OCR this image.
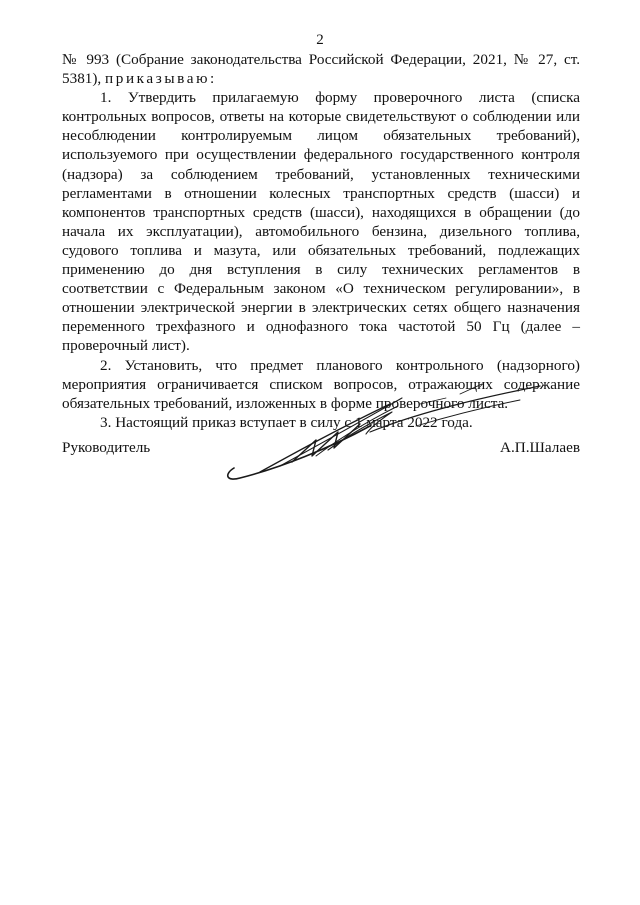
2

№ 993 (Собрание законодательства Российской Федерации, 2021, № 27, ст. 5381), приказываю:

1. Утвердить прилагаемую форму проверочного листа (списка контрольных вопросов, ответы на которые свидетельствуют о соблюдении или несоблюдении контролируемым лицом обязательных требований), используемого при осуществлении федерального государственного контроля (надзора) за соблюдением требований, установленных техническими регламентами в отношении колесных транспортных средств (шасси) и компонентов транспортных средств (шасси), находящихся в обращении (до начала их эксплуатации), автомобильного бензина, дизельного топлива, судового топлива и мазута, или обязательных требований, подлежащих применению до дня вступления в силу технических регламентов в соответствии с Федеральным законом «О техническом регулировании», в отношении электрической энергии в электрических сетях общего назначения переменного трехфазного и однофазного тока частотой 50 Гц (далее – проверочный лист).

2. Установить, что предмет планового контрольного (надзорного) мероприятия ограничивается списком вопросов, отражающих содержание обязательных требований, изложенных в форме проверочного листа.

3. Настоящий приказ вступает в силу с 1 марта 2022 года.

Руководитель	А.П.Шалаев
